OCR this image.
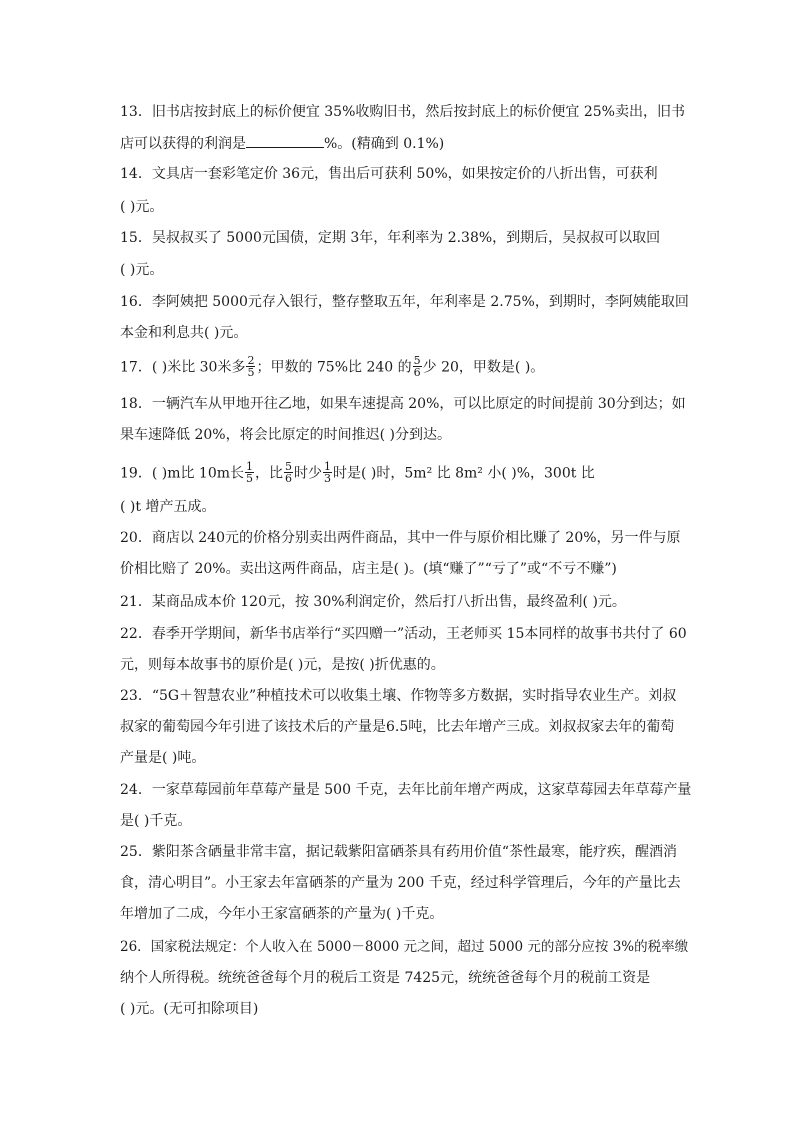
13．旧书店按封底上的标价便宜 35%收购旧书，然后按封底上的标价便宜 25%卖出，旧书
店可以获得的利润是	%。(精确到 0.1%)
14．文具店一套彩笔定价 36元，售出后可获利 50%，如果按定价的八折出售，可获利
( )元。
15．吴叔叔买了 5000元国债，定期 3年，年利率为 2.38%，到期后，吴叔叔可以取回
( )元。
16．李阿姨把 5000元存入银行，整存整取五年，年利率是 2.75%，到期时，李阿姨能取回
本金和利息共( )元。
17．( )米比 30米多 $\frac{2}{5}$ ；甲数的 75%比 240 的 $\frac{5}{6}$ 少 20，甲数是( )。
18．一辆汽车从甲地开往乙地，如果车速提高 20%，可以比原定的时间提前 30分到达；如
果车速降低 20%，将会比原定的时间推迟( )分到达。
19．( )m比 10m长 $\frac{1}{5}$ ，比 $\frac{5}{6}$ 时少 $\frac{1}{3}$ 时是( )时，5m² 比 8m² 小( )%，300t 比
( )t 增产五成。
20．商店以 240元的价格分别卖出两件商品，其中一件与原价相比赚了 20%，另一件与原
价相比赔了 20%。卖出这两件商品，店主是( )。(填“赚了”“亏了”或“不亏不赚”)
21．某商品成本价 120元，按 30%利润定价，然后打八折出售，最终盈利( )元。
22．春季开学期间，新华书店举行“买四赠一”活动，王老师买 15本同样的故事书共付了 60
元，则每本故事书的原价是( )元，是按( )折优惠的。
23．“5G＋智慧农业”种植技术可以收集土壤、作物等多方数据，实时指导农业生产。刘叔
叔家的葡萄园今年引进了该技术后的产量是6.5吨，比去年增产三成。刘叔叔家去年的葡萄
产量是( )吨。
24．一家草莓园前年草莓产量是 500 千克，去年比前年增产两成，这家草莓园去年草莓产量
是( )千克。
25．紫阳茶含硒量非常丰富，据记载紫阳富硒茶具有药用价值“茶性最寒，能疗疾，醒酒消
食，清心明目”。小王家去年富硒茶的产量为 200 千克，经过科学管理后，今年的产量比去
年增加了二成，今年小王家富硒茶的产量为( )千克。
26．国家税法规定：个人收入在 5000－8000 元之间，超过 5000 元的部分应按 3%的税率缴
纳个人所得税。统统爸爸每个月的税后工资是 7425元，统统爸爸每个月的税前工资是
( )元。(无可扣除项目)
